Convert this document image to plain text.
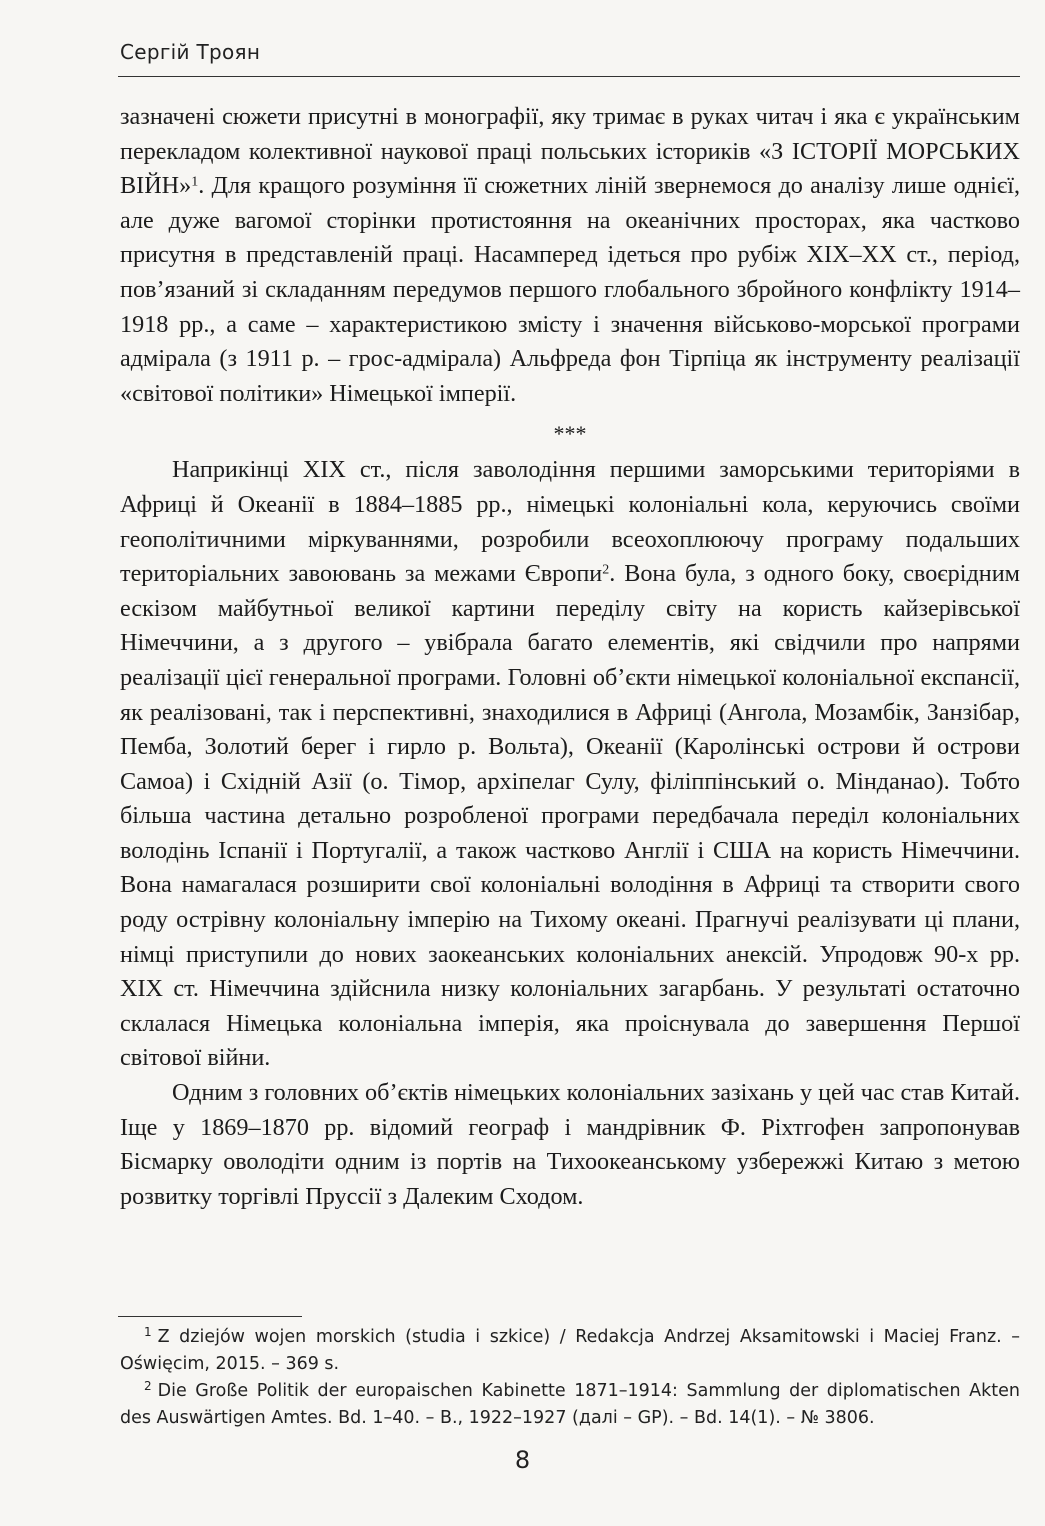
Сергій Троян

зазначені сюжети присутні в монографії, яку тримає в руках читач і яка є українським перекладом колективної наукової праці польських істориків «З ІСТОРІЇ МОРСЬКИХ ВІЙН»$^1$. Для кращого розуміння її сюжетних ліній звернемося до аналізу лише однієї, але дуже вагомої сторінки протистояння на океанічних просторах, яка частково присутня в представленій праці. Насамперед ідеться про рубіж ХІХ–ХХ ст., період, пов’язаний зі складанням передумов першого глобального збройного конфлікту 1914–1918 рр., а саме – характеристикою змісту і значення військово-морської програми адмірала (з 1911 р. – грос-адмірала) Альфреда фон Тірпіца як інструменту реалізації «світової політики» Німецької імперії.

***

Наприкінці ХІХ ст., після заволодіння першими заморськими територіями в Африці й Океанії в 1884–1885 рр., німецькі колоніальні кола, керуючись своїми геополітичними міркуваннями, розробили всеохоплюючу програму подальших територіальних завоювань за межами Європи$^2$. Вона була, з одного боку, своєрідним ескізом майбутньої великої картини переділу світу на користь кайзерівської Німеччини, а з другого – увібрала багато елементів, які свідчили про напрями реалізації цієї генеральної програми. Головні об’єкти німецької колоніальної експансії, як реалізовані, так і перспективні, знаходилися в Африці (Ангола, Мозамбік, Занзібар, Пемба, Золотий берег і гирло р. Вольта), Океанії (Каролінські острови й острови Самоа) і Східній Азії (о. Тімор, архіпелаг Сулу, філіппінський о. Мінданао). Тобто більша частина детально розробленої програми передбачала переділ колоніальних володінь Іспанії і Португалії, а також частково Англії і США на користь Німеччини. Вона намагалася розширити свої колоніальні володіння в Африці та створити свого роду острівну колоніальну імперію на Тихому океані. Прагнучі реалізувати ці плани, німці приступили до нових заокеанських колоніальних анексій. Упродовж 90-х рр. ХІХ ст. Німеччина здійснила низку колоніальних загарбань. У результаті остаточно склалася Німецька колоніальна імперія, яка проіснувала до завершення Першої світової війни.

Одним з головних об’єктів німецьких колоніальних зазіхань у цей час став Китай. Іще у 1869–1870 рр. відомий географ і мандрівник Ф. Ріхтгофен запропонував Бісмарку оволодіти одним із портів на Тихоокеанському узбережжі Китаю з метою розвитку торгівлі Пруссії з Далеким Сходом.

$^1$ Z dziejów wojen morskich (studia i szkice) / Redakcja Andrzej Aksamitowski i Maciej Franz. – Oświęcim, 2015. – 369 s.

$^2$ Die Große Politik der europaischen Kabinette 1871–1914: Sammlung der diplomatischen Akten des Auswärtigen Amtes. Bd. 1–40. – B., 1922–1927 (далі – GP). – Bd. 14(1). – № 3806.

8
